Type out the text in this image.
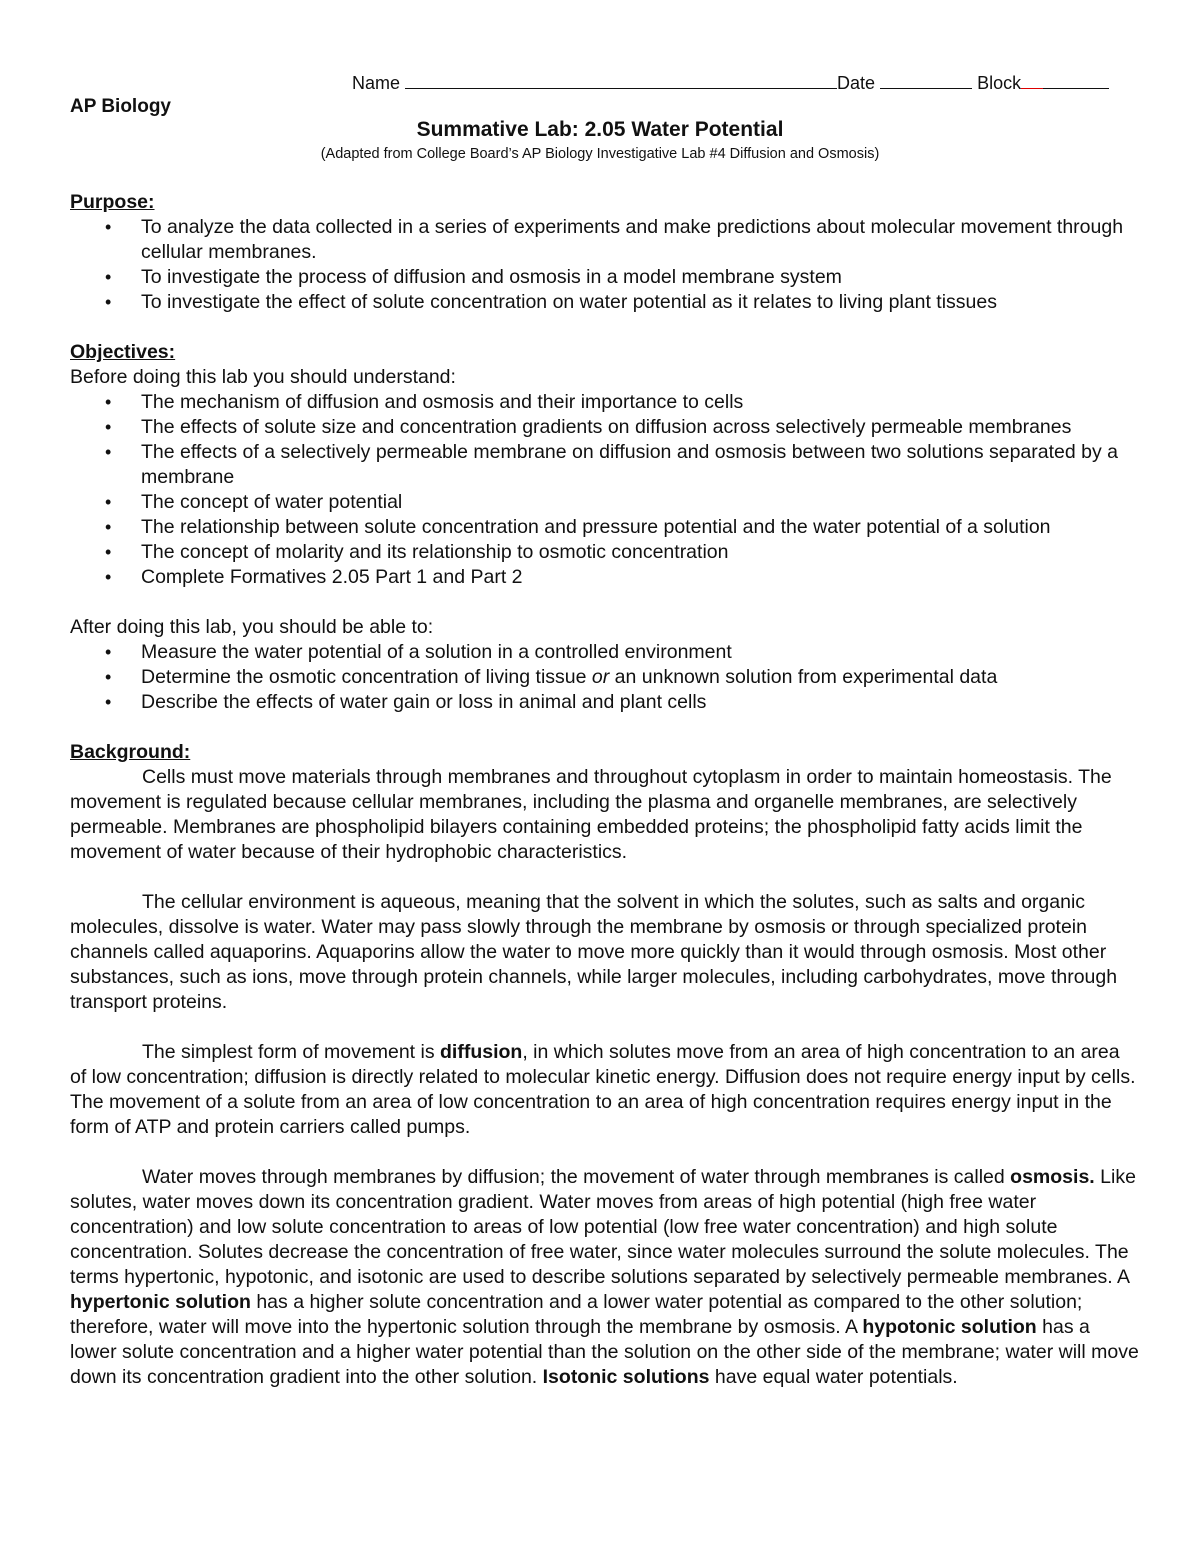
Name	Date	Block
AP Biology
Summative Lab: 2.05 Water Potential
(Adapted from College Board’s AP Biology Investigative Lab #4 Diffusion and Osmosis)
Purpose:
• To analyze the data collected in a series of experiments and make predictions about molecular movement through cellular membranes.
• To investigate the process of diffusion and osmosis in a model membrane system
• To investigate the effect of solute concentration on water potential as it relates to living plant tissues
Objectives:

Before doing this lab you should understand:

• The mechanism of diffusion and osmosis and their importance to cells
• The effects of solute size and concentration gradients on diffusion across selectively permeable membranes
• The effects of a selectively permeable membrane on diffusion and osmosis between two solutions separated by a membrane
• The concept of water potential
• The relationship between solute concentration and pressure potential and the water potential of a solution
• The concept of molarity and its relationship to osmotic concentration
• Complete Formatives 2.05 Part 1 and Part 2

After doing this lab, you should be able to:

• Measure the water potential of a solution in a controlled environment
• Determine the osmotic concentration of living tissue or an unknown solution from experimental data
• Describe the effects of water gain or loss in animal and plant cells
Background:

Cells must move materials through membranes and throughout cytoplasm in order to maintain homeostasis. The movement is regulated because cellular membranes, including the plasma and organelle membranes, are selectively permeable. Membranes are phospholipid bilayers containing embedded proteins; the phospholipid fatty acids limit the movement of water because of their hydrophobic characteristics.

The cellular environment is aqueous, meaning that the solvent in which the solutes, such as salts and organic molecules, dissolve is water. Water may pass slowly through the membrane by osmosis or through specialized protein channels called aquaporins. Aquaporins allow the water to move more quickly than it would through osmosis. Most other substances, such as ions, move through protein channels, while larger molecules, including carbohydrates, move through transport proteins.

The simplest form of movement is diffusion, in which solutes move from an area of high concentration to an area of low concentration; diffusion is directly related to molecular kinetic energy. Diffusion does not require energy input by cells. The movement of a solute from an area of low concentration to an area of high concentration requires energy input in the form of ATP and protein carriers called pumps.

Water moves through membranes by diffusion; the movement of water through membranes is called osmosis. Like solutes, water moves down its concentration gradient. Water moves from areas of high potential (high free water concentration) and low solute concentration to areas of low potential (low free water concentration) and high solute concentration. Solutes decrease the concentration of free water, since water molecules surround the solute molecules. The terms hypertonic, hypotonic, and isotonic are used to describe solutions separated by selectively permeable membranes. A hypertonic solution has a higher solute concentration and a lower water potential as compared to the other solution; therefore, water will move into the hypertonic solution through the membrane by osmosis. A hypotonic solution has a lower solute concentration and a higher water potential than the solution on the other side of the membrane; water will move down its concentration gradient into the other solution. Isotonic solutions have equal water potentials.
